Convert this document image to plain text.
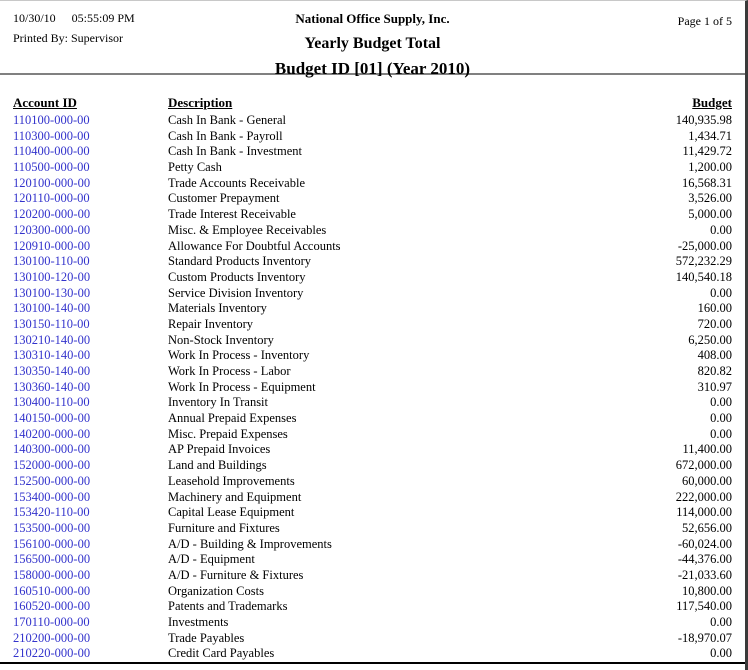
10/30/10 05:55:09 PM
Printed By: Supervisor
National Office Supply, Inc.
Yearly Budget Total
Budget ID [01] (Year 2010)
Page 1 of 5
Account ID	Description	Budget
110100-000-00	Cash In Bank - General	140,935.98
110300-000-00	Cash In Bank - Payroll	1,434.71
110400-000-00	Cash In Bank - Investment	11,429.72
110500-000-00	Petty Cash	1,200.00
120100-000-00	Trade Accounts Receivable	16,568.31
120110-000-00	Customer Prepayment	3,526.00
120200-000-00	Trade Interest Receivable	5,000.00
120300-000-00	Misc. & Employee Receivables	0.00
120910-000-00	Allowance For Doubtful Accounts	-25,000.00
130100-110-00	Standard Products Inventory	572,232.29
130100-120-00	Custom Products Inventory	140,540.18
130100-130-00	Service Division Inventory	0.00
130100-140-00	Materials Inventory	160.00
130150-110-00	Repair Inventory	720.00
130210-140-00	Non-Stock Inventory	6,250.00
130310-140-00	Work In Process - Inventory	408.00
130350-140-00	Work In Process - Labor	820.82
130360-140-00	Work In Process - Equipment	310.97
130400-110-00	Inventory In Transit	0.00
140150-000-00	Annual Prepaid Expenses	0.00
140200-000-00	Misc. Prepaid Expenses	0.00
140300-000-00	AP Prepaid Invoices	11,400.00
152000-000-00	Land and Buildings	672,000.00
152500-000-00	Leasehold Improvements	60,000.00
153400-000-00	Machinery and Equipment	222,000.00
153420-110-00	Capital Lease Equipment	114,000.00
153500-000-00	Furniture and Fixtures	52,656.00
156100-000-00	A/D - Building & Improvements	-60,024.00
156500-000-00	A/D - Equipment	-44,376.00
158000-000-00	A/D - Furniture & Fixtures	-21,033.60
160510-000-00	Organization Costs	10,800.00
160520-000-00	Patents and Trademarks	117,540.00
170110-000-00	Investments	0.00
210200-000-00	Trade Payables	-18,970.07
210220-000-00	Credit Card Payables	0.00
